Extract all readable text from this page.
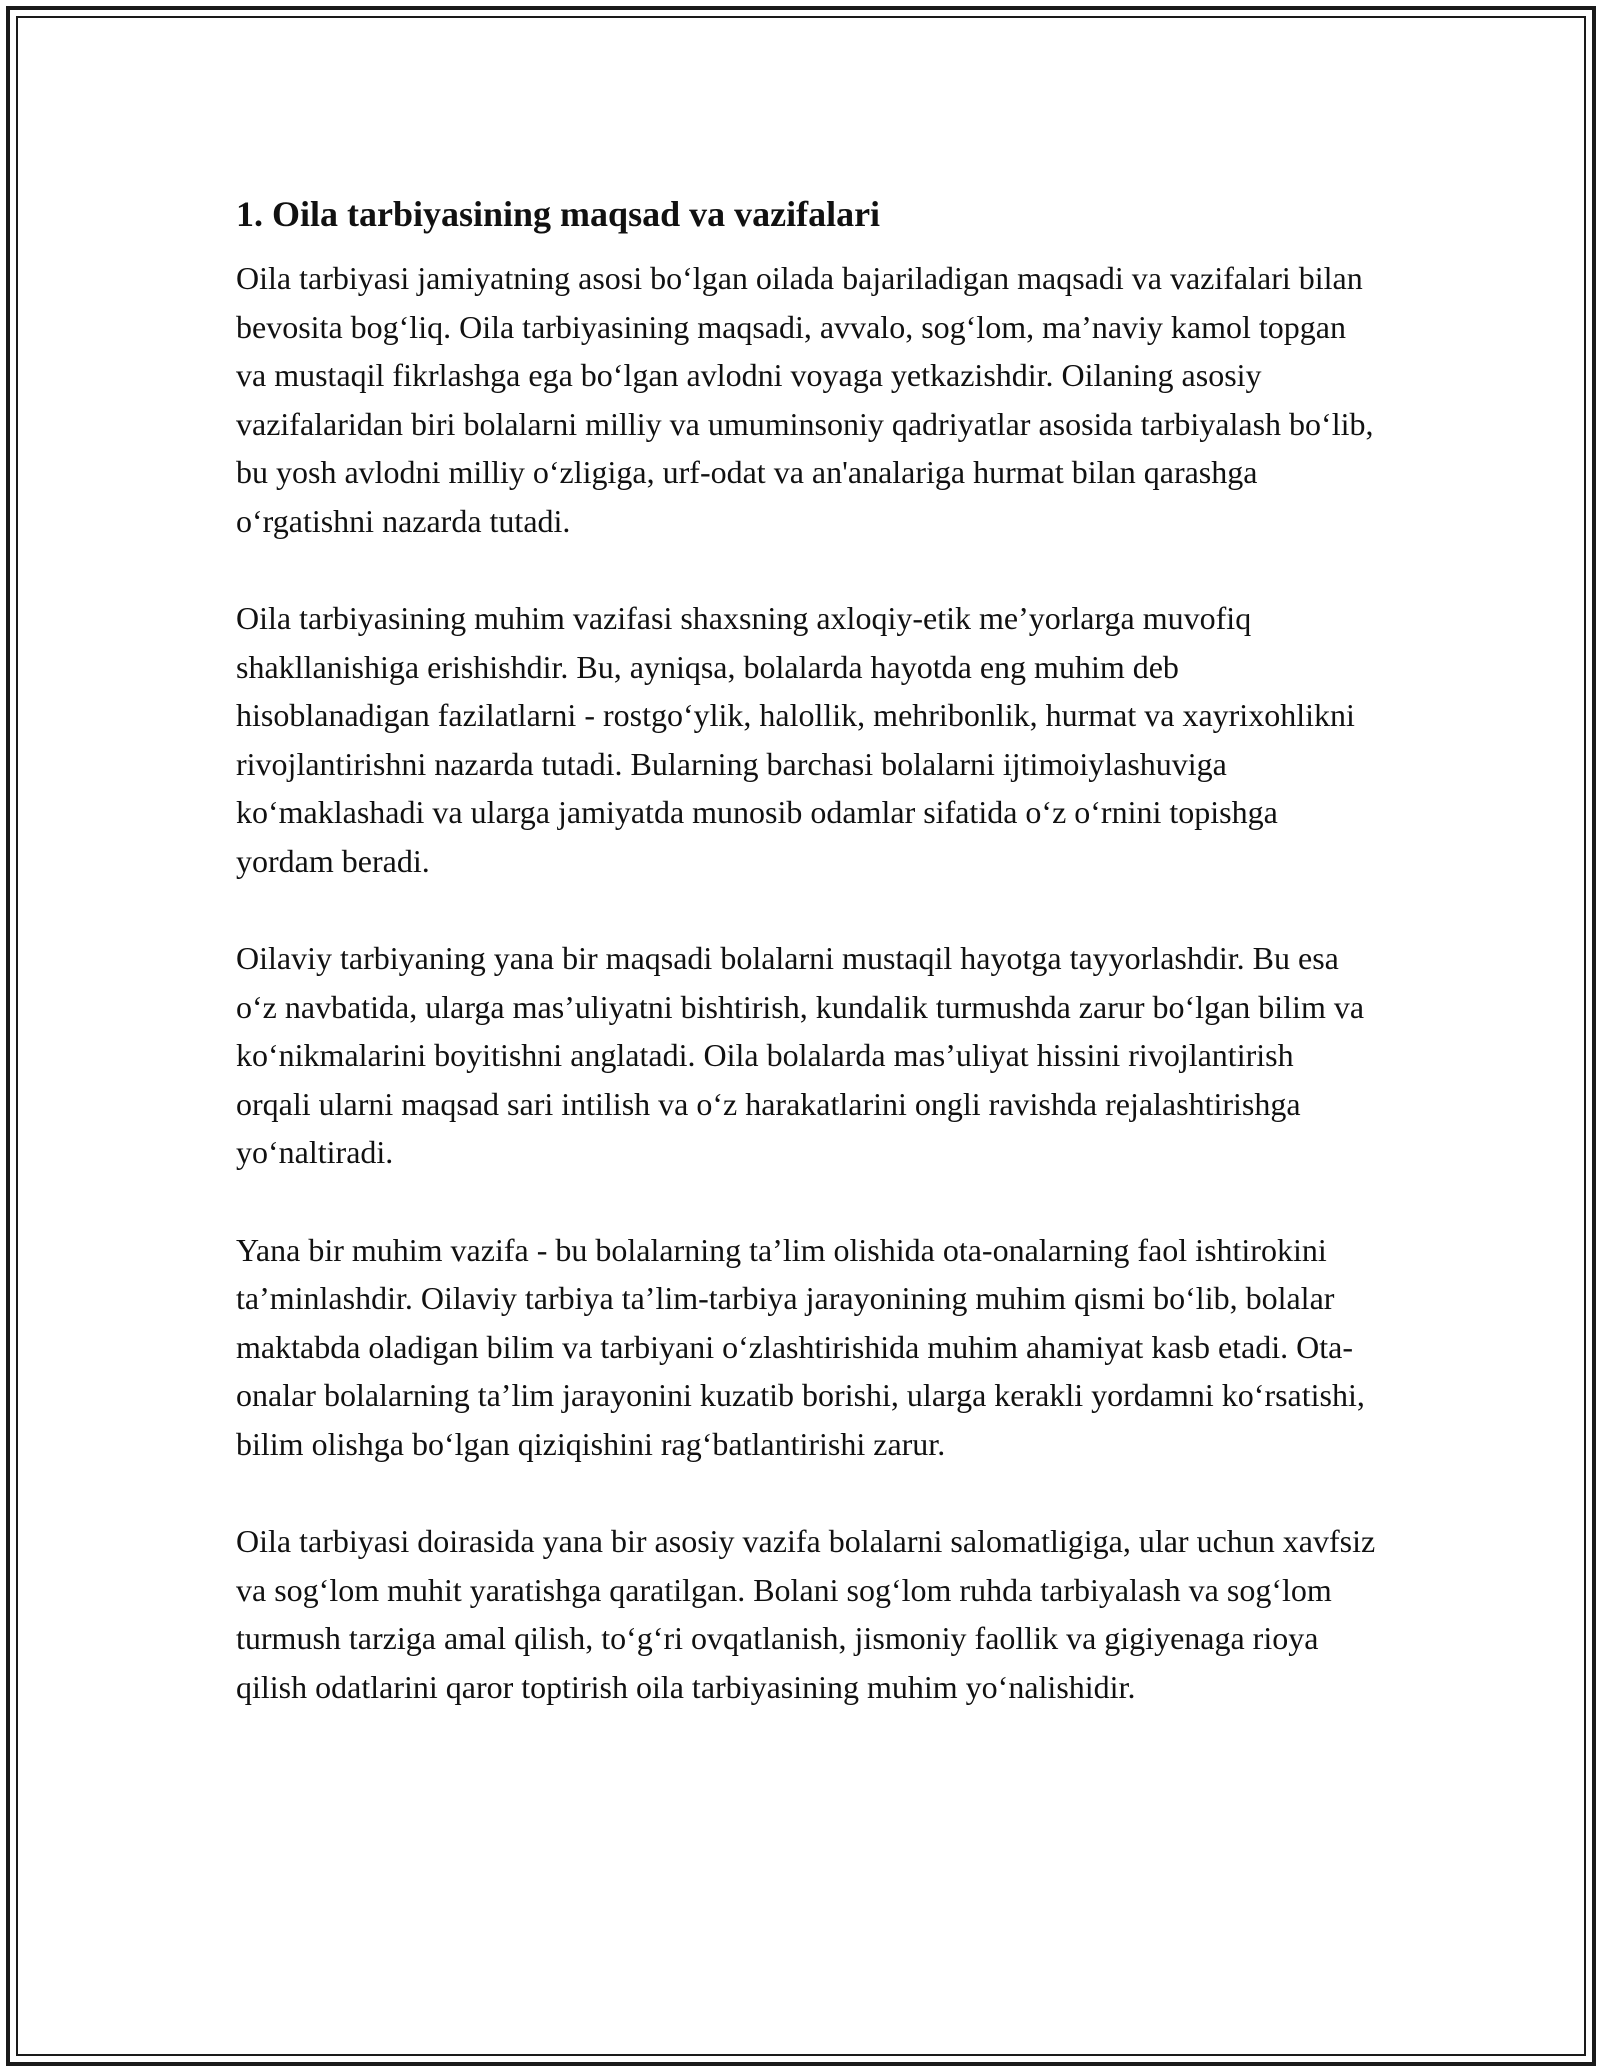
1. Oila tarbiyasining maqsad va vazifalari

Oila tarbiyasi jamiyatning asosi bo‘lgan oilada bajariladigan maqsadi va vazifalari bilan bevosita bog‘liq. Oila tarbiyasining maqsadi, avvalo, sog‘lom, ma’naviy kamol topgan va mustaqil fikrlashga ega bo‘lgan avlodni voyaga yetkazishdir. Oilaning asosiy vazifalaridan biri bolalarni milliy va umuminsoniy qadriyatlar asosida tarbiyalash bo‘lib, bu yosh avlodni milliy o‘zligiga, urf-odat va an'analariga hurmat bilan qarashga o‘rgatishni nazarda tutadi.

Oila tarbiyasining muhim vazifasi shaxsning axloqiy-etik me’yorlarga muvofiq shakllanishiga erishishdir. Bu, ayniqsa, bolalarda hayotda eng muhim deb hisoblanadigan fazilatlarni - rostgo‘ylik, halollik, mehribonlik, hurmat va xayrixohlikni rivojlantirishni nazarda tutadi. Bularning barchasi bolalarni ijtimoiylashuviga ko‘maklashadi va ularga jamiyatda munosib odamlar sifatida o‘z o‘rnini topishga yordam beradi.

Oilaviy tarbiyaning yana bir maqsadi bolalarni mustaqil hayotga tayyorlashdir. Bu esa o‘z navbatida, ularga mas’uliyatni bishtirish, kundalik turmushda zarur bo‘lgan bilim va ko‘nikmalarini boyitishni anglatadi. Oila bolalarda mas’uliyat hissini rivojlantirish orqali ularni maqsad sari intilish va o‘z harakatlarini ongli ravishda rejalashtirishga yo‘naltiradi.

Yana bir muhim vazifa - bu bolalarning ta’lim olishida ota-onalarning faol ishtirokini ta’minlashdir. Oilaviy tarbiya ta’lim-tarbiya jarayonining muhim qismi bo‘lib, bolalar maktabda oladigan bilim va tarbiyani o‘zlashtirishida muhim ahamiyat kasb etadi. Ota-onalar bolalarning ta’lim jarayonini kuzatib borishi, ularga kerakli yordamni ko‘rsatishi, bilim olishga bo‘lgan qiziqishini rag‘batlantirishi zarur.

Oila tarbiyasi doirasida yana bir asosiy vazifa bolalarni salomatligiga, ular uchun xavfsiz va sog‘lom muhit yaratishga qaratilgan. Bolani sog‘lom ruhda tarbiyalash va sog‘lom turmush tarziga amal qilish, to‘g‘ri ovqatlanish, jismoniy faollik va gigiyenaga rioya qilish odatlarini qaror toptirish oila tarbiyasining muhim yo‘nalishidir.
